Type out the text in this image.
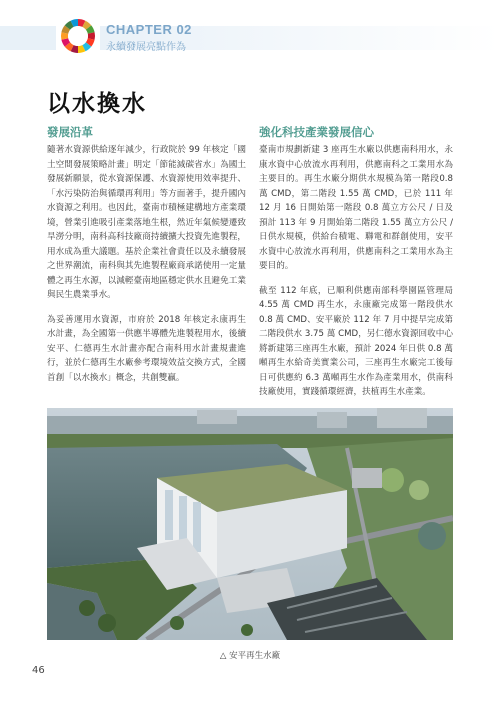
CHAPTER 02
永續發展亮點作為
以水換水
發展沿革

隨著水資源供給逐年減少，行政院於 99 年核定「國土空間發展策略計畫」明定「節能減碳省水」為國土發展新願景，從水資源保護、水資源使用效率提升、「水污染防治與循環再利用」等方面著手，提升國內水資源之利用。也因此，臺南市積極建構地方產業環境，營業引進吸引產業落地生根，然近年氣候變遷致旱澇分明，南科高科技廠商持續擴大投資先進製程，用水成為重大議題。基於企業社會責任以及永續發展之世界潮流，南科與其先進製程廠商承諾使用一定量體之再生水源，以減輕臺南地區穩定供水且避免工業與民生農業爭水。

為妥善運用水資源，市府於 2018 年核定永康再生水計畫，為全國第一供應半導體先進製程用水，後續安平、仁德再生水計畫亦配合南科用水計畫規畫進行，並於仁德再生水廠參考環境效益交換方式，全國首創「以水換水」概念，共創雙贏。

強化科技產業發展信心

臺南市規劃新建 3 座再生水廠以供應南科用水，永康水資中心放流水再利用，供應南科之工業用水為主要目的。再生水廠分期供水規模為第一階段0.8 萬 CMD，第二階段 1.55 萬 CMD，已於 111 年 12 月 16 日開始第一階段 0.8 萬立方公尺 / 日及預計 113 年 9 月開始第二階段 1.55 萬立方公尺 / 日供水規模，供給台積電、聯電和群創使用，安平水資中心放流水再利用，供應南科之工業用水為主要目的。

截至 112 年底，已順利供應南部科學園區管理局4.55 萬 CMD 再生水，永康廠完成第一階段供水 0.8 萬 CMD、安平廠於 112 年 7 月中提早完成第二階段供水 3.75 萬 CMD，另仁德水資源回收中心將新建第三座再生水廠，預計 2024 年日供 0.8 萬噸再生水給奇美實業公司，三座再生水廠完工後每日可供應約 6.3 萬噸再生水作為產業用水，供南科技廠使用，實踐循環經濟，扶植再生水產業。

△ 安平再生水廠
46
